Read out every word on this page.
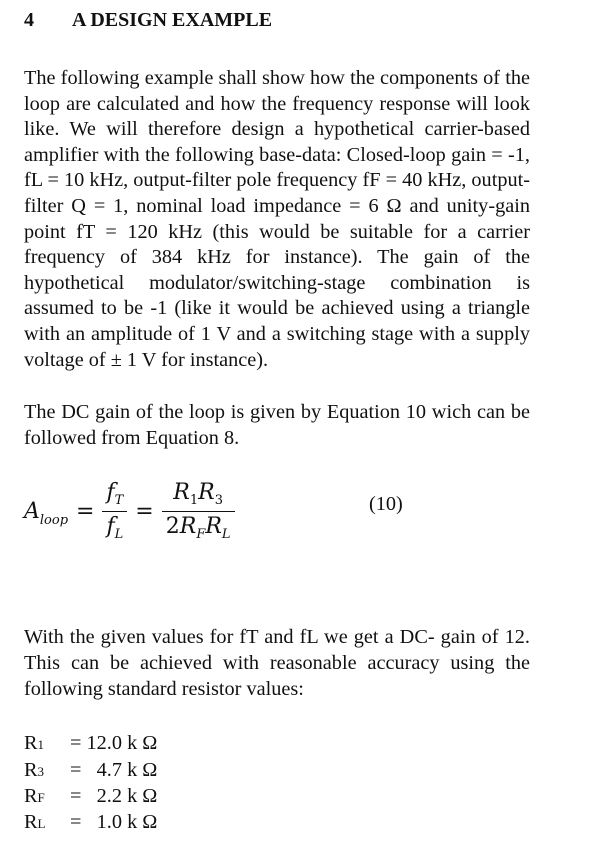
4	A DESIGN EXAMPLE

The following example shall show how the components of the loop are calculated and how the frequency response will look like. We will therefore design a hypothetical carrier-based amplifier with the following base-data: Closed-loop gain = -1, fL = 10 kHz, output-filter pole frequency fF = 40 kHz, output-filter Q = 1, nominal load impedance = 6 Ω and unity-gain point fT = 120 kHz (this would be suitable for a carrier frequency of 384 kHz for instance). The gain of the hypothetical modulator/switching-stage combination is assumed to be -1 (like it would be achieved using a triangle with an amplitude of 1 V and a switching stage with a supply voltage of ± 1 V for instance).

The DC gain of the loop is given by Equation 10 wich can be followed from Equation 8.

A loop = $\frac{f_T}{f_L} = \frac{R_1R_3}{2R_FR_L}$	(10)

With the given values for fT and fL we get a DC- gain of 12. This can be achieved with reasonable accuracy using the following standard resistor values:

R1	= 12.0 k Ω
R3	=   4.7 k Ω
RF	=   2.2 k Ω
RL	=   1.0 k Ω
